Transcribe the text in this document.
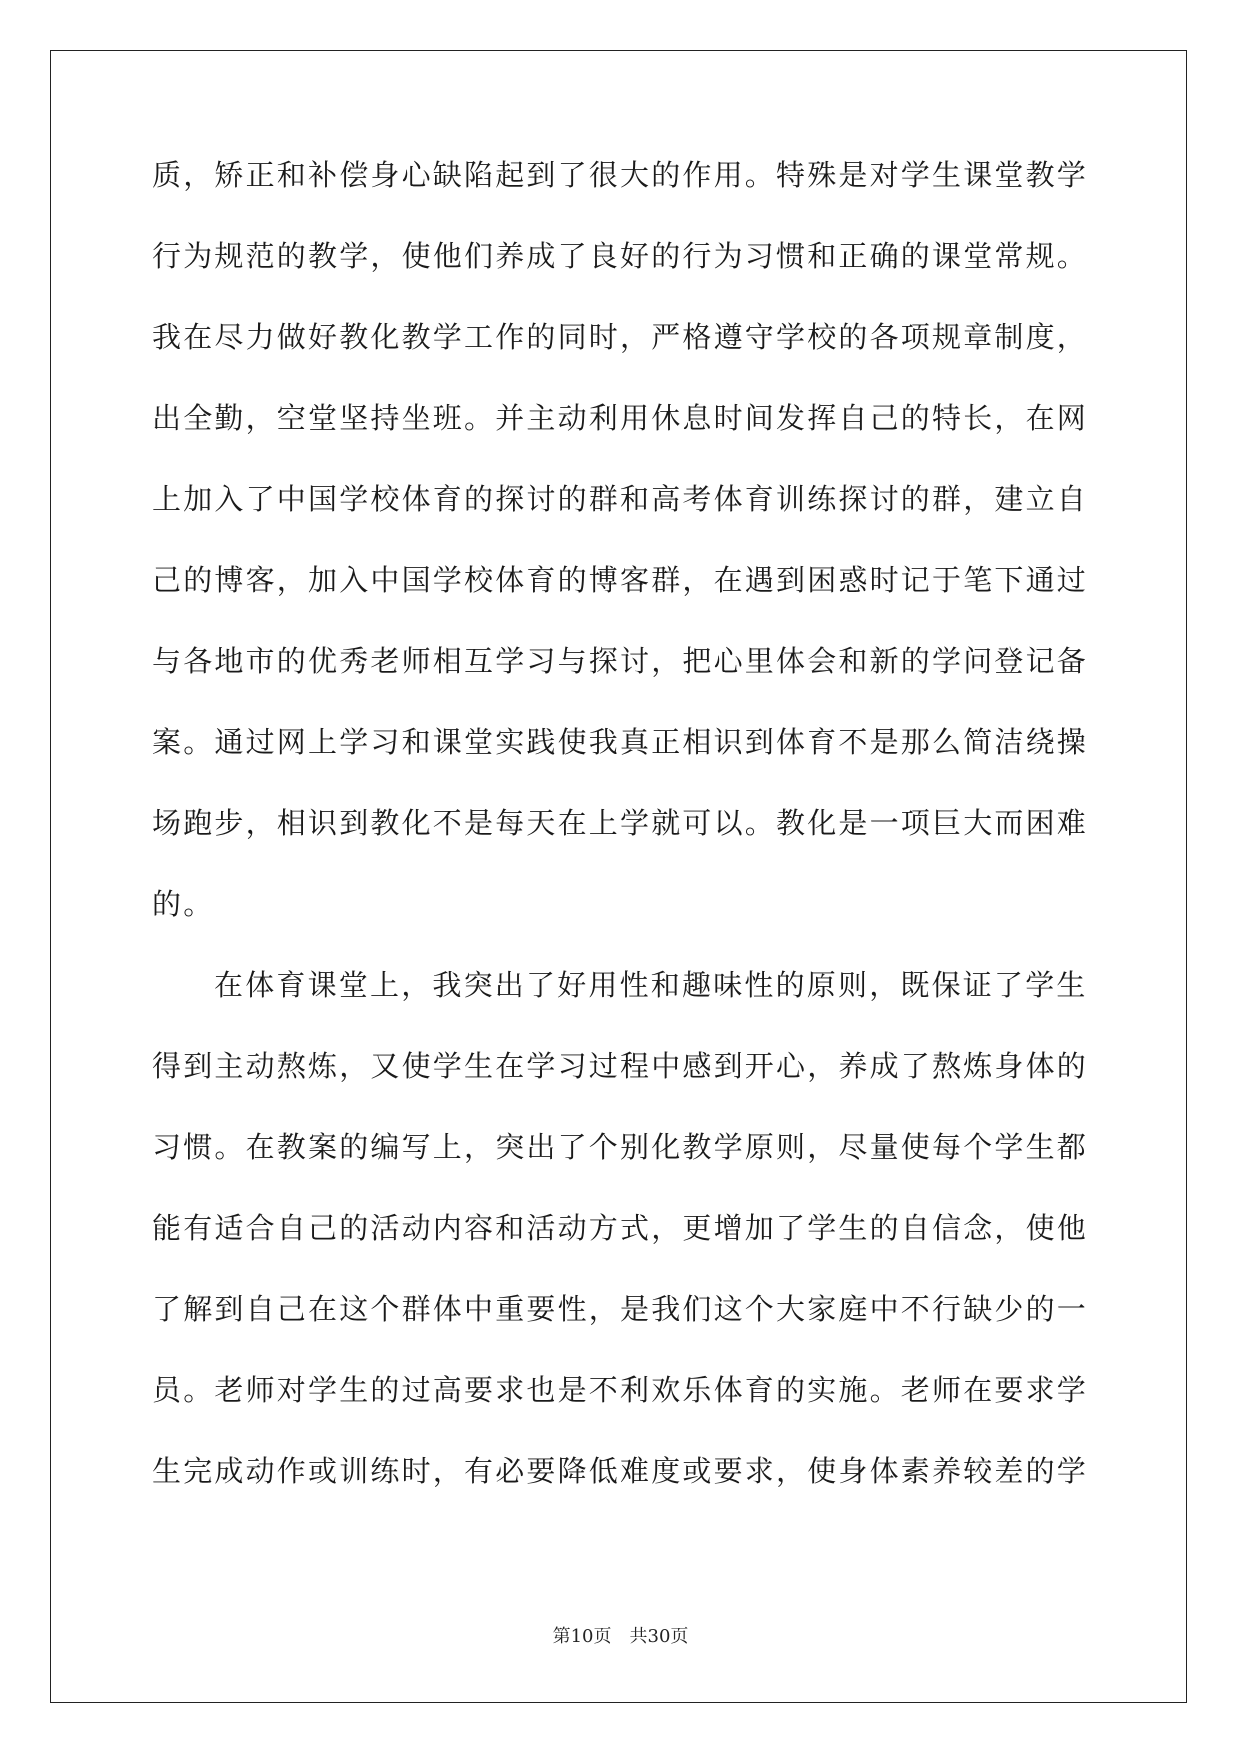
质，矫正和补偿身心缺陷起到了很大的作用。特殊是对学生课堂教学
行为规范的教学，使他们养成了良好的行为习惯和正确的课堂常规。
我在尽力做好教化教学工作的同时，严格遵守学校的各项规章制度，
出全勤，空堂坚持坐班。并主动利用休息时间发挥自己的特长，在网
上加入了中国学校体育的探讨的群和高考体育训练探讨的群，建立自
己的博客，加入中国学校体育的博客群，在遇到困惑时记于笔下通过
与各地市的优秀老师相互学习与探讨，把心里体会和新的学问登记备
案。通过网上学习和课堂实践使我真正相识到体育不是那么简洁绕操
场跑步，相识到教化不是每天在上学就可以。教化是一项巨大而困难
的。
在体育课堂上，我突出了好用性和趣味性的原则，既保证了学生
得到主动熬炼，又使学生在学习过程中感到开心，养成了熬炼身体的
习惯。在教案的编写上，突出了个别化教学原则，尽量使每个学生都
能有适合自己的活动内容和活动方式，更增加了学生的自信念，使他
了解到自己在这个群体中重要性，是我们这个大家庭中不行缺少的一
员。老师对学生的过高要求也是不利欢乐体育的实施。老师在要求学
生完成动作或训练时，有必要降低难度或要求，使身体素养较差的学
第10页 共30页
